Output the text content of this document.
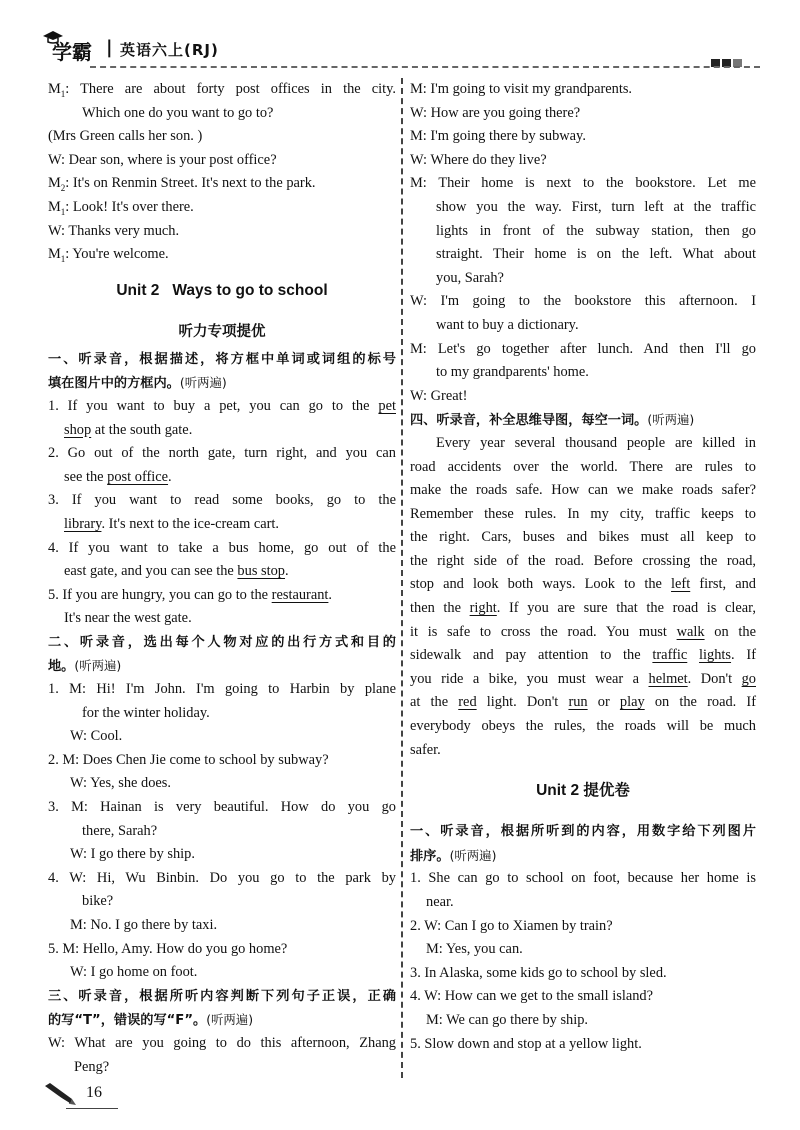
学霸 | 英语六上(RJ)
$M_1$: There are about forty post offices in the city.
Which one do you want to go to?
(Mrs Green calls her son. )
W: Dear son, where is your post office?
$M_2$: It's on Renmin Street. It's next to the park.
$M_1$: Look! It's over there.
W: Thanks very much.
$M_1$: You're welcome.
Unit 2   Ways to go to school
听力专项提优
一、听录音，根据描述，将方框中单词或词组的标号
填在图片中的方框内。(听两遍)
1. If you want to buy a pet, you can go to the pet
shop at the south gate.
2. Go out of the north gate, turn right, and you can
see the post office.
3. If you want to read some books, go to the
library. It's next to the ice-cream cart.
4. If you want to take a bus home, go out of the
east gate, and you can see the bus stop.
5. If you are hungry, you can go to the restaurant.
It's near the west gate.
二、听录音，选出每个人物对应的出行方式和目的
地。(听两遍)
1. M: Hi! I'm John. I'm going to Harbin by plane
for the winter holiday.
W: Cool.
2. M: Does Chen Jie come to school by subway?
W: Yes, she does.
3. M: Hainan is very beautiful. How do you go
there, Sarah?
W: I go there by ship.
4. W: Hi, Wu Binbin. Do you go to the park by
bike?
M: No. I go there by taxi.
5. M: Hello, Amy. How do you go home?
W: I go home on foot.
三、听录音，根据所听内容判断下列句子正误，正确
的写“T”，错误的写“F”。(听两遍)
W: What are you going to do this afternoon, Zhang
Peng?
M: I'm going to visit my grandparents.
W: How are you going there?
M: I'm going there by subway.
W: Where do they live?
M: Their home is next to the bookstore. Let me
show you the way. First, turn left at the traffic
lights in front of the subway station, then go
straight. Their home is on the left. What about
you, Sarah?
W: I'm going to the bookstore this afternoon. I
want to buy a dictionary.
M: Let's go together after lunch. And then I'll go
to my grandparents' home.
W: Great!
四、听录音，补全思维导图，每空一词。(听两遍)
Every year several thousand people are killed in
road accidents over the world. There are rules to
make the roads safe. How can we make roads safer?
Remember these rules. In my city, traffic keeps to
the right. Cars, buses and bikes must all keep to
the right side of the road. Before crossing the road,
stop and look both ways. Look to the left first, and
then the right. If you are sure that the road is clear,
it is safe to cross the road. You must walk on the
sidewalk and pay attention to the traffic lights. If
you ride a bike, you must wear a helmet. Don't go
at the red light. Don't run or play on the road. If
everybody obeys the rules, the roads will be much
safer.
Unit 2 提优卷
一、听录音，根据所听到的内容，用数字给下列图片
排序。(听两遍)
1. She can go to school on foot, because her home is
near.
2. W: Can I go to Xiamen by train?
M: Yes, you can.
3. In Alaska, some kids go to school by sled.
4. W: How can we get to the small island?
M: We can go there by ship.
5. Slow down and stop at a yellow light.
16
